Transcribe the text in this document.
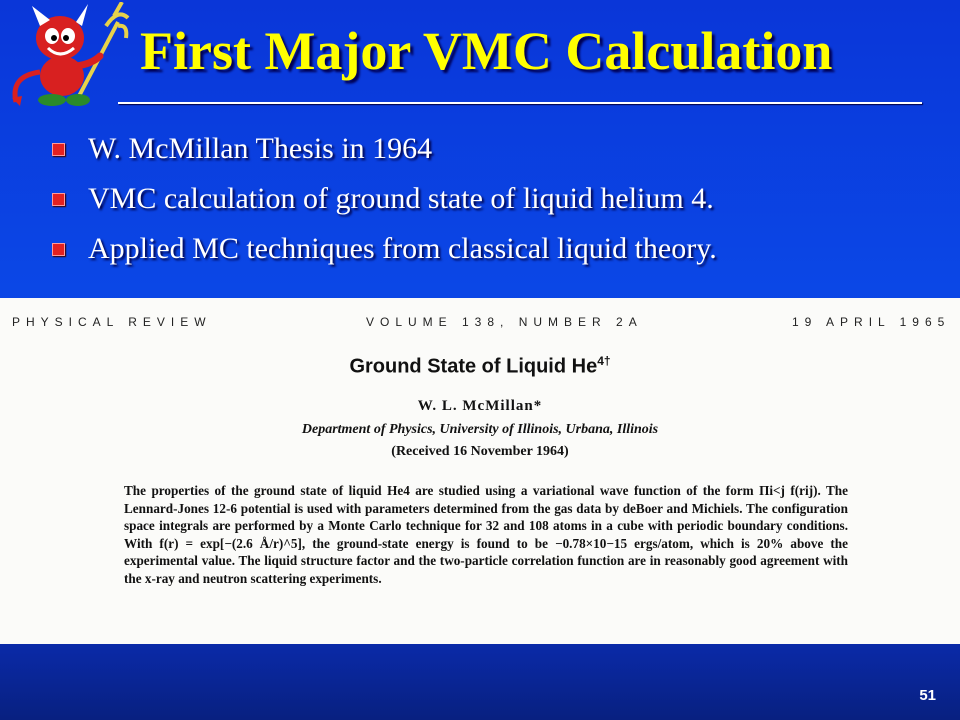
First Major VMC Calculation
W. McMillan Thesis in 1964
VMC calculation of ground state of liquid helium 4.
Applied MC techniques from classical liquid theory.
PHYSICAL REVIEW	VOLUME 138, NUMBER 2A	19 APRIL 1965
Ground State of Liquid $He^{4\dagger}$
W. L. McMillan*
Department of Physics, University of Illinois, Urbana, Illinois
(Received 16 November 1964)

The properties of the ground state of liquid He4 are studied using a variational wave function of the form Πi<j f(rij). The Lennard-Jones 12-6 potential is used with parameters determined from the gas data by deBoer and Michiels. The configuration space integrals are performed by a Monte Carlo technique for 32 and 108 atoms in a cube with periodic boundary conditions. With f(r) = exp[−(2.6 Å/r)^5], the ground-state energy is found to be −0.78×10−15 ergs/atom, which is 20% above the experimental value. The liquid structure factor and the two-particle correlation function are in reasonably good agreement with the x-ray and neutron scattering experiments.

51
